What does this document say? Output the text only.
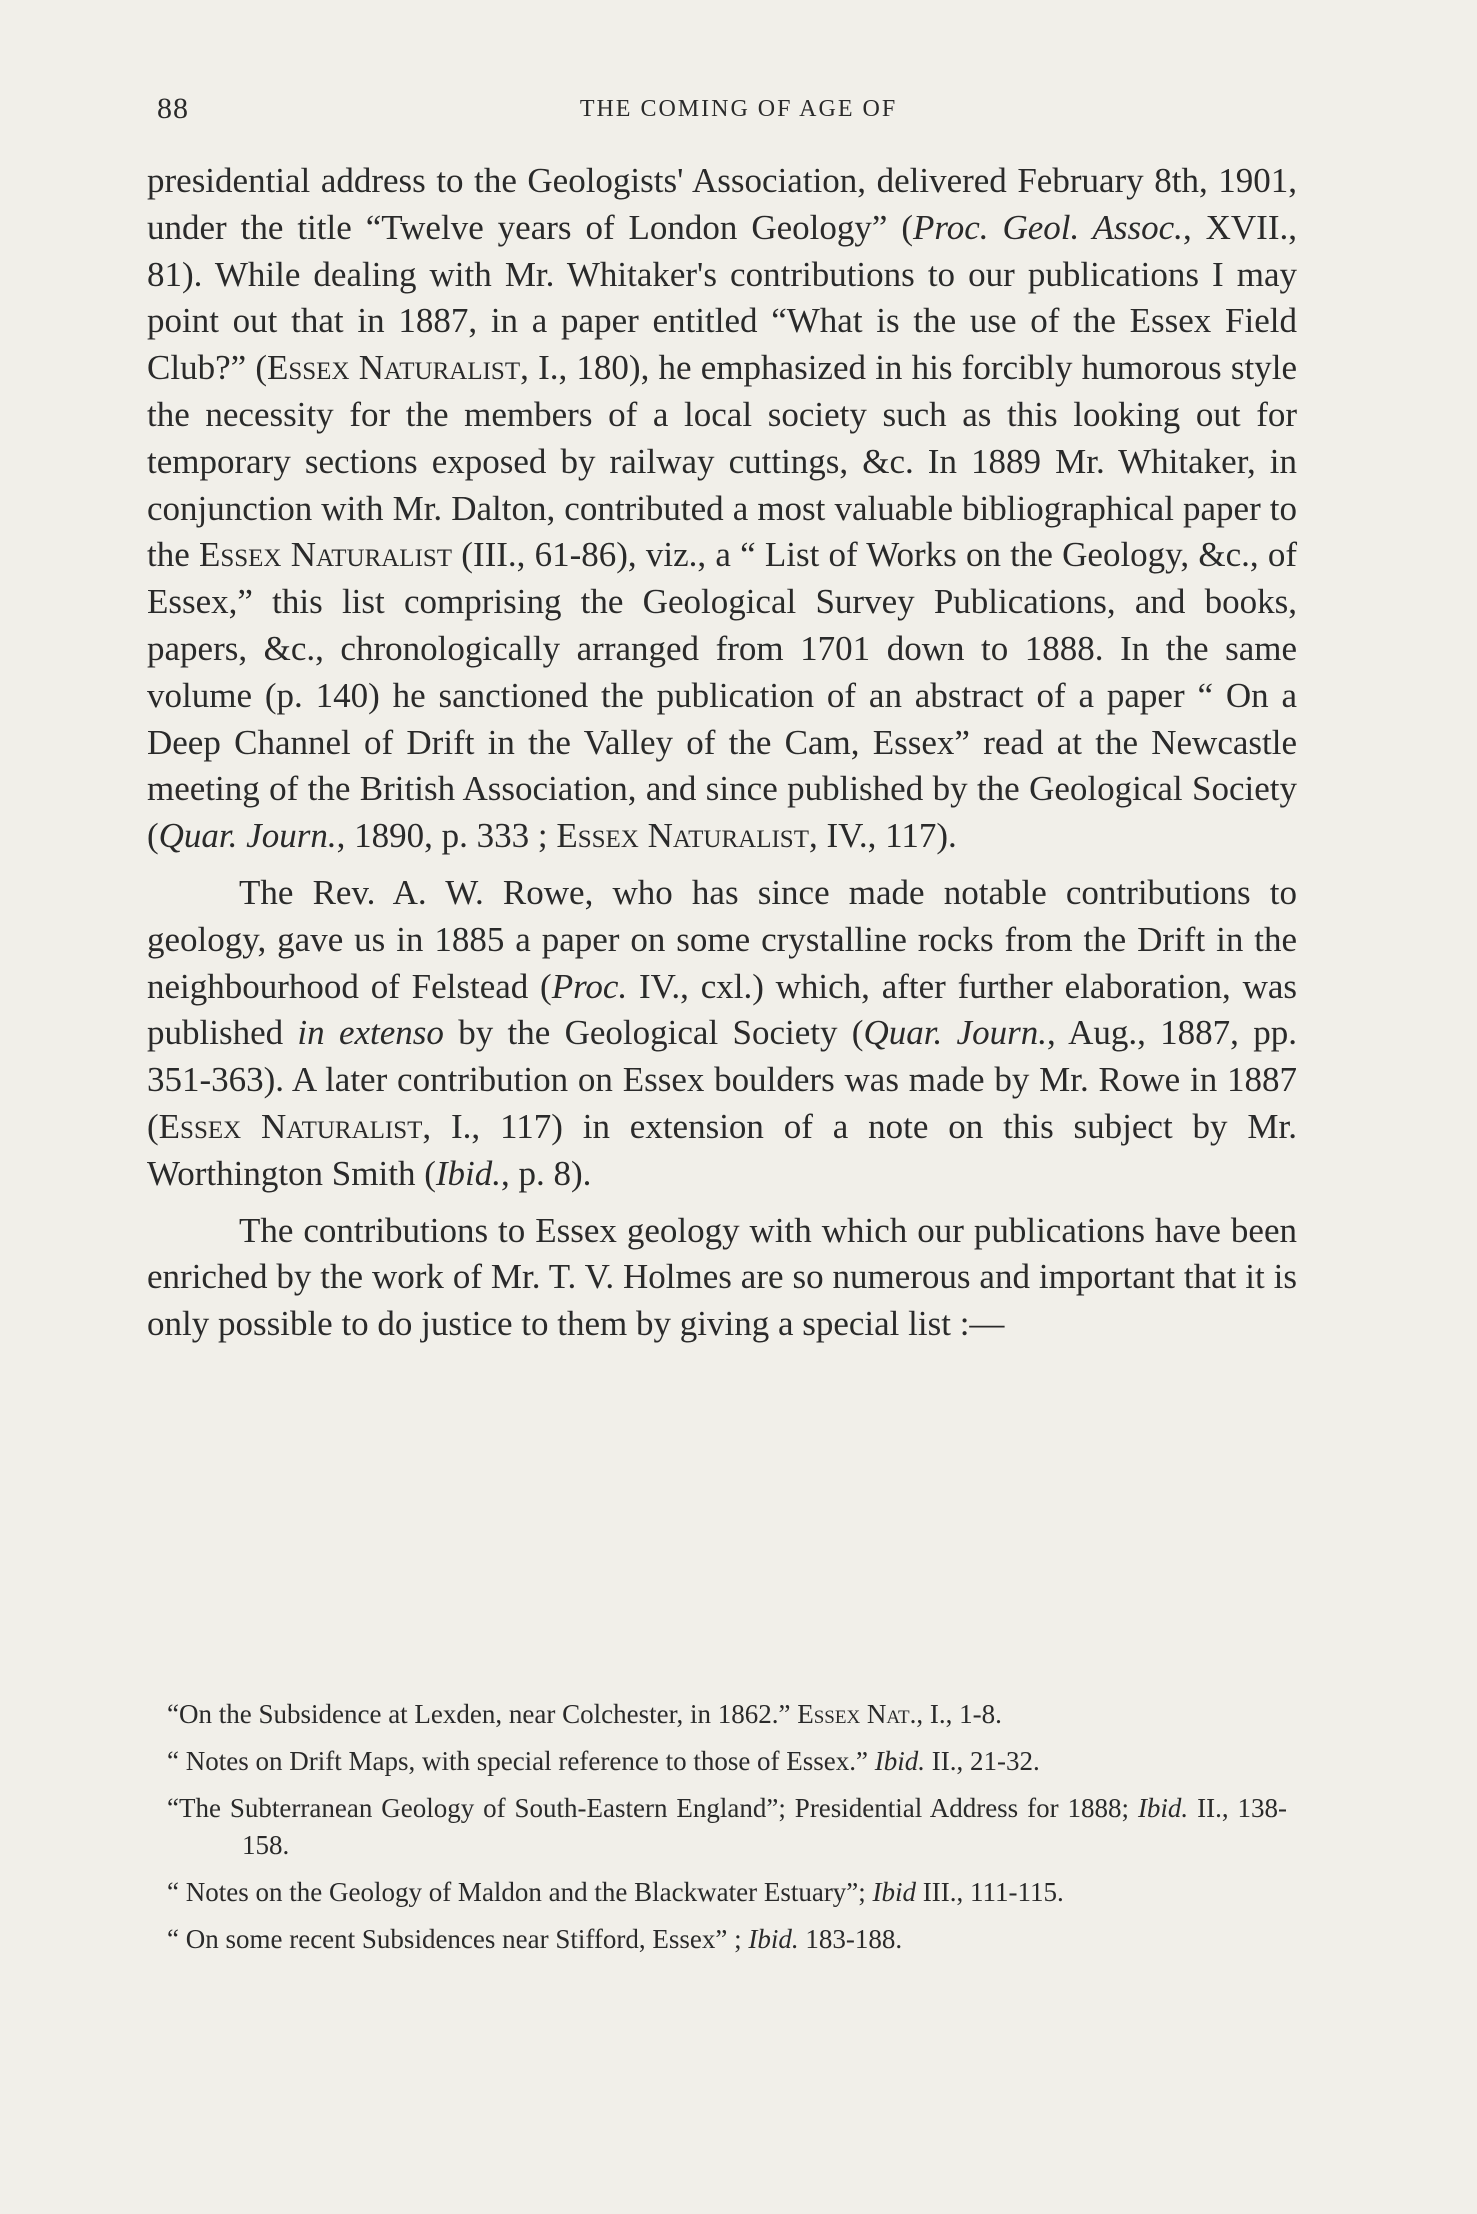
88	THE COMING OF AGE OF

presidential address to the Geologists' Association, delivered February 8th, 1901, under the title “Twelve years of London Geology” (Proc. Geol. Assoc., XVII., 81). While dealing with Mr. Whitaker's contributions to our publications I may point out that in 1887, in a paper entitled “What is the use of the Essex Field Club?” (Essex Naturalist, I., 180), he emphasized in his forcibly humorous style the necessity for the members of a local society such as this looking out for temporary sections exposed by railway cuttings, &c. In 1889 Mr. Whitaker, in conjunction with Mr. Dalton, contributed a most valuable bibliographical paper to the Essex Naturalist (III., 61-86), viz., a “ List of Works on the Geology, &c., of Essex,” this list comprising the Geological Survey Publications, and books, papers, &c., chronologically arranged from 1701 down to 1888. In the same volume (p. 140) he sanctioned the publication of an abstract of a paper “ On a Deep Channel of Drift in the Valley of the Cam, Essex” read at the Newcastle meeting of the British Association, and since published by the Geological Society (Quar. Journ., 1890, p. 333 ; Essex Naturalist, IV., 117).

The Rev. A. W. Rowe, who has since made notable contributions to geology, gave us in 1885 a paper on some crystalline rocks from the Drift in the neighbourhood of Felstead (Proc. IV., cxl.) which, after further elaboration, was published in extenso by the Geological Society (Quar. Journ., Aug., 1887, pp. 351-363). A later contribution on Essex boulders was made by Mr. Rowe in 1887 (Essex Naturalist, I., 117) in extension of a note on this subject by Mr. Worthington Smith (Ibid., p. 8).

The contributions to Essex geology with which our publications have been enriched by the work of Mr. T. V. Holmes are so numerous and important that it is only possible to do justice to them by giving a special list :—

“On the Subsidence at Lexden, near Colchester, in 1862.” Essex Nat., I., 1-8.
“ Notes on Drift Maps, with special reference to those of Essex.” Ibid. II., 21-32.
“The Subterranean Geology of South-Eastern England”; Presidential Address for 1888; Ibid. II., 138-158.
“ Notes on the Geology of Maldon and the Blackwater Estuary”; Ibid III., 111-115.
“ On some recent Subsidences near Stifford, Essex” ; Ibid. 183-188.
